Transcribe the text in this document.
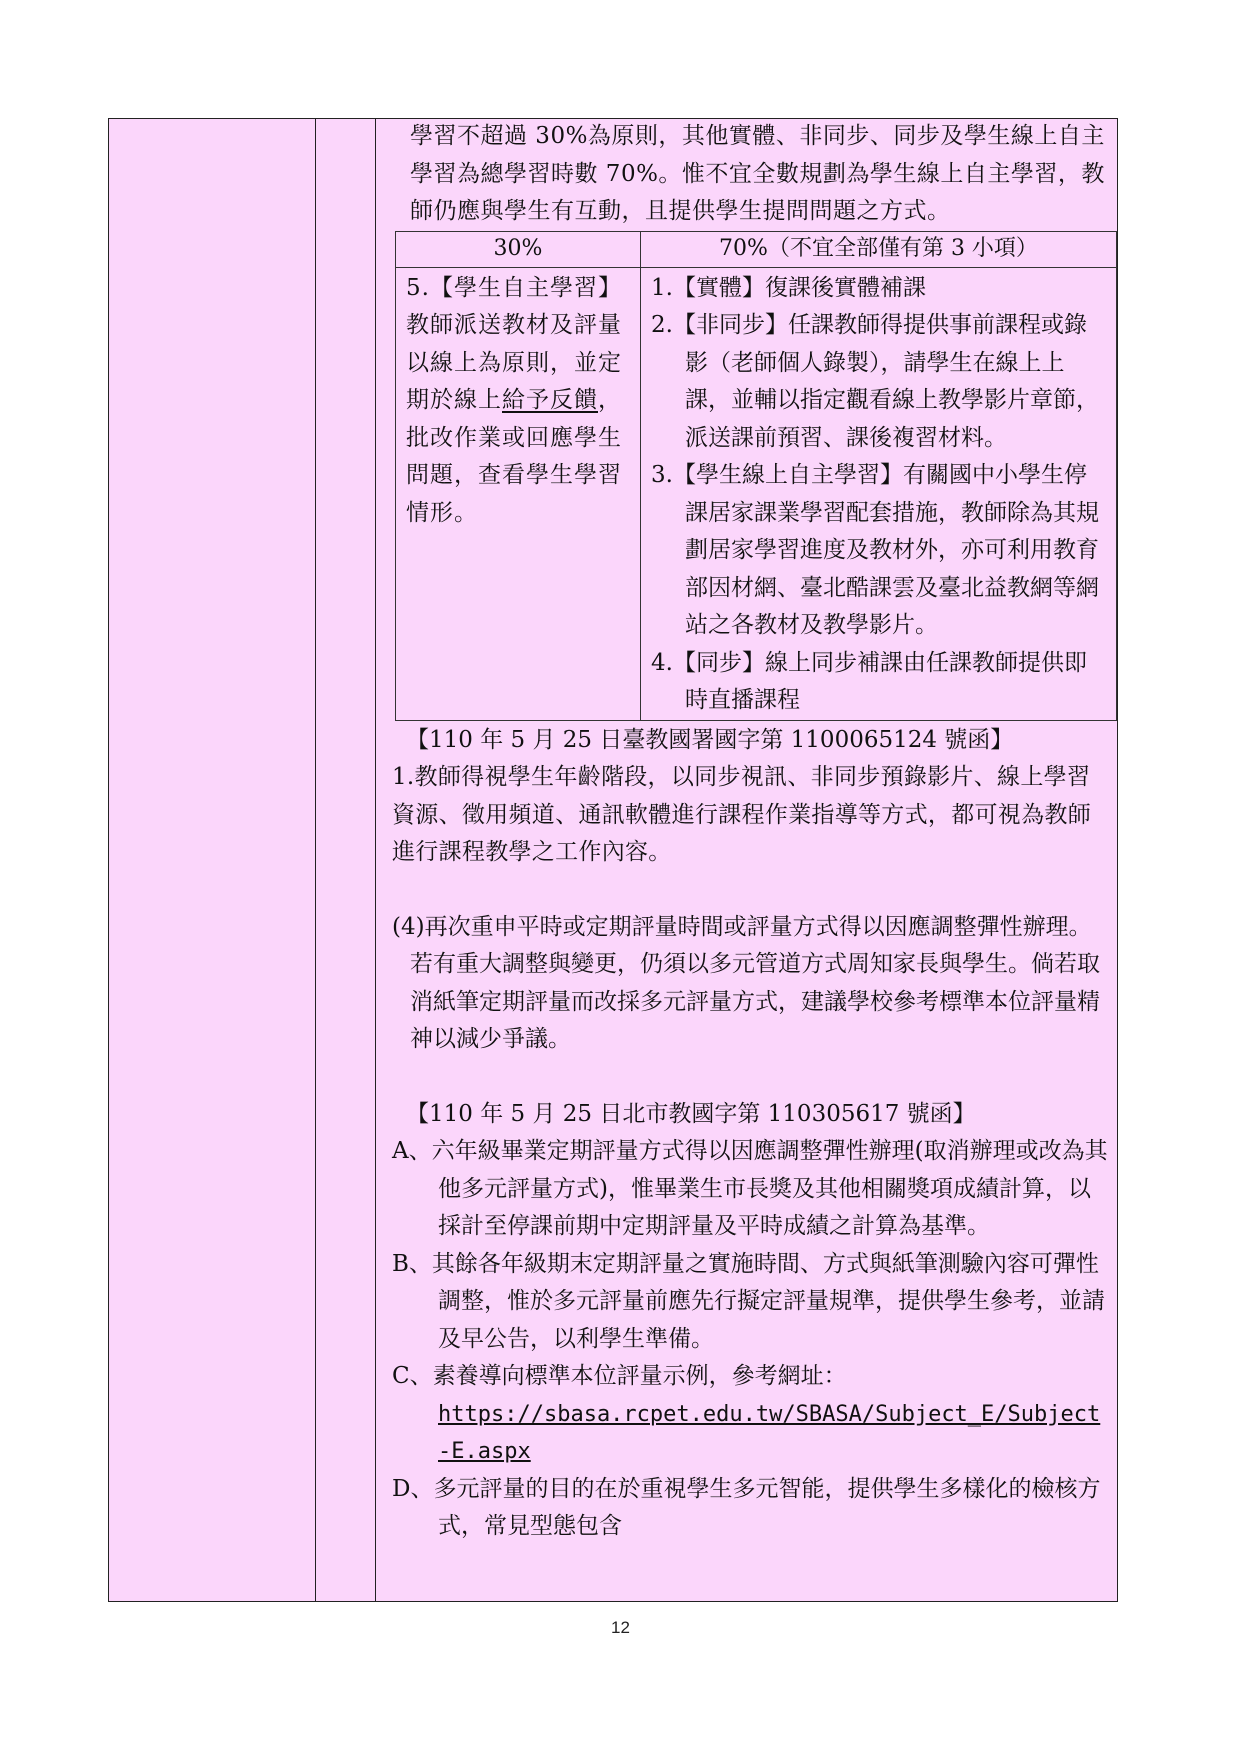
學習不超過 30%為原則，其他實體、非同步、同步及學生線上自主學習為總學習時數 70%。惟不宜全數規劃為學生線上自主學習，教師仍應與學生有互動，且提供學生提問問題之方式。

30%	70%（不宜全部僅有第 3 小項）
5.【學生自主學習】教師派送教材及評量以線上為原則，並定期於線上給予反饋，批改作業或回應學生問題，查看學生學習情形。	1.【實體】復課後實體補課
2.【非同步】任課教師得提供事前課程或錄影（老師個人錄製），請學生在線上上課，並輔以指定觀看線上教學影片章節，派送課前預習、課後複習材料。
3.【學生線上自主學習】有關國中小學生停課居家課業學習配套措施，教師除為其規劃居家學習進度及教材外，亦可利用教育部因材網、臺北酷課雲及臺北益教網等網站之各教材及教學影片。
4.【同步】線上同步補課由任課教師提供即時直播課程

【110 年 5 月 25 日臺教國署國字第 1100065124 號函】

1.教師得視學生年齡階段，以同步視訊、非同步預錄影片、線上學習資源、徵用頻道、通訊軟體進行課程作業指導等方式，都可視為教師進行課程教學之工作內容。

(4)再次重申平時或定期評量時間或評量方式得以因應調整彈性辦理。若有重大調整與變更，仍須以多元管道方式周知家長與學生。倘若取消紙筆定期評量而改採多元評量方式，建議學校參考標準本位評量精神以減少爭議。

【110 年 5 月 25 日北市教國字第 110305617 號函】

A、六年級畢業定期評量方式得以因應調整彈性辦理(取消辦理或改為其他多元評量方式)，惟畢業生市長獎及其他相關獎項成績計算，以採計至停課前期中定期評量及平時成績之計算為基準。

B、其餘各年級期末定期評量之實施時間、方式與紙筆測驗內容可彈性調整，惟於多元評量前應先行擬定評量規準，提供學生參考，並請及早公告，以利學生準備。

C、素養導向標準本位評量示例，參考網址：

https://sbasa.rcpet.edu.tw/SBASA/Subject_E/Subject-E.aspx

D、多元評量的目的在於重視學生多元智能，提供學生多樣化的檢核方式，常見型態包含

12
